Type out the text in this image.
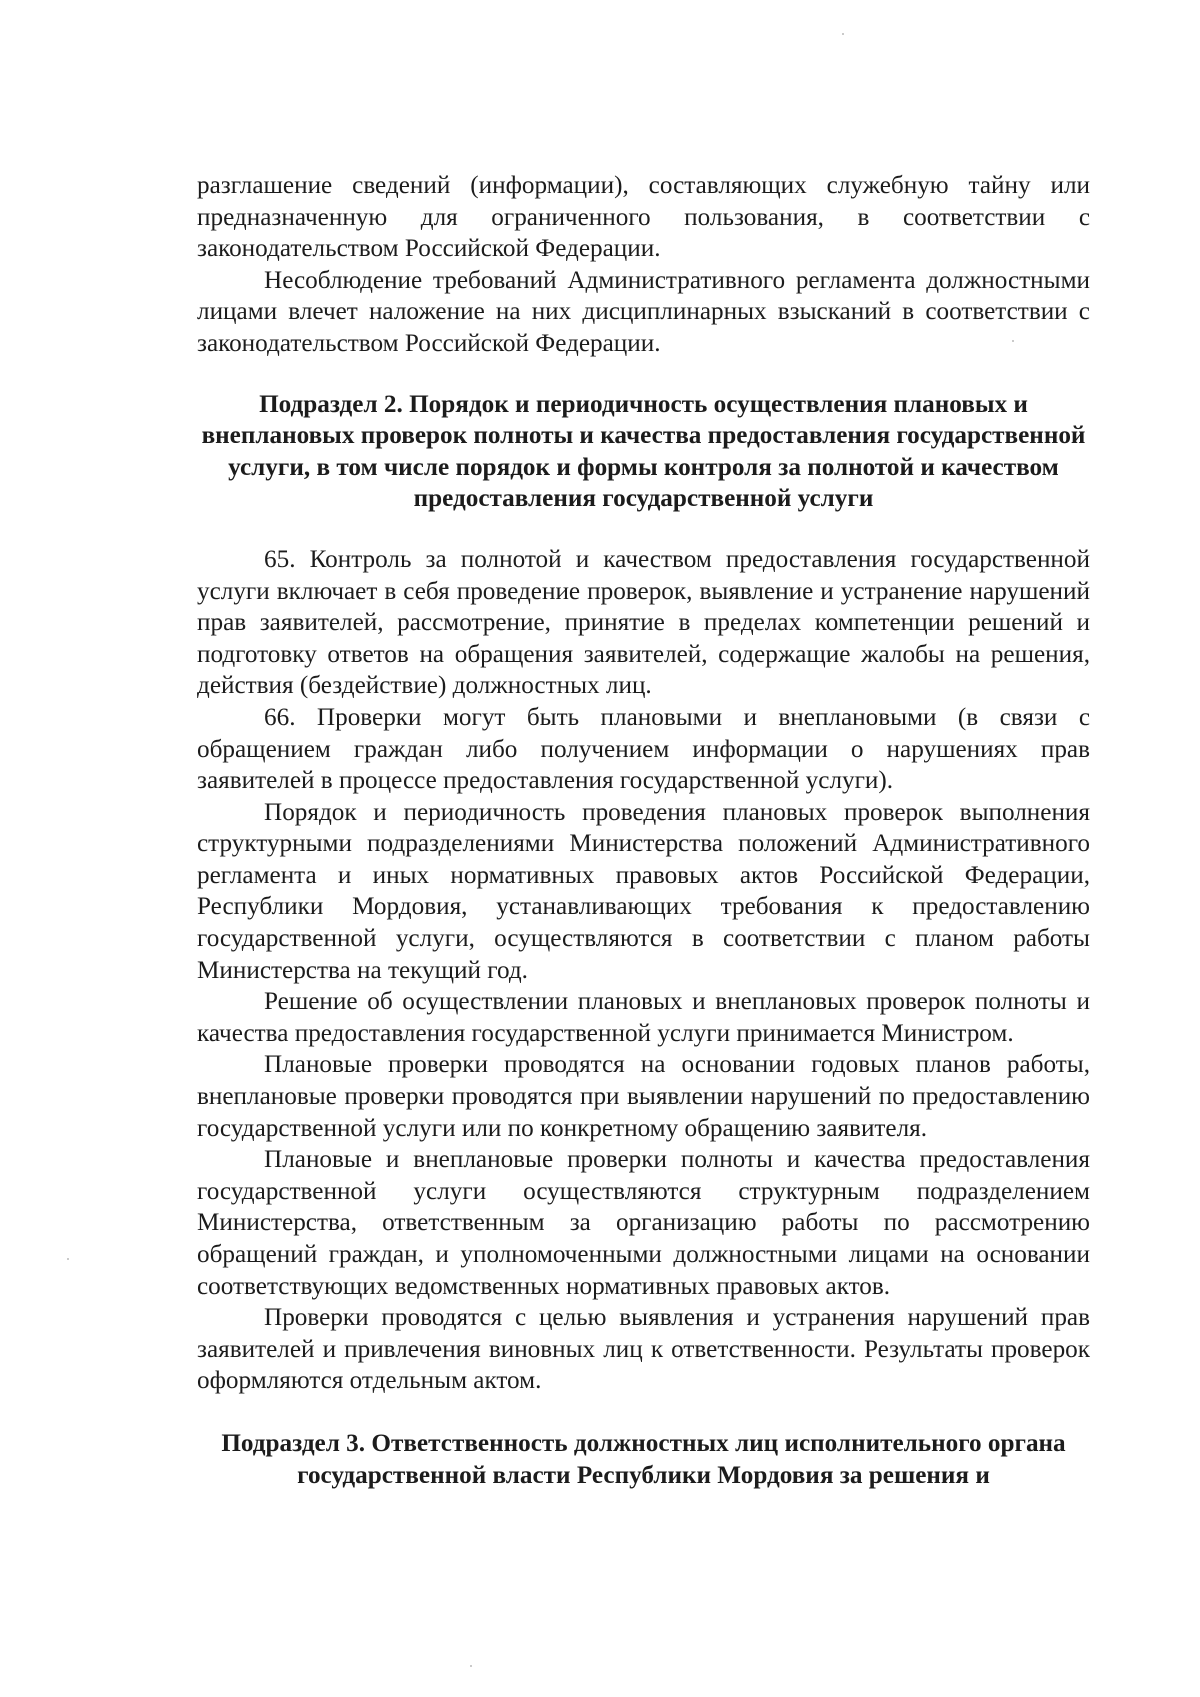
разглашение сведений (информации), составляющих служебную тайну или предназначенную для ограниченного пользования, в соответствии с законодательством Российской Федерации.

Несоблюдение требований Административного регламента должностными лицами влечет наложение на них дисциплинарных взысканий в соответствии с законодательством Российской Федерации.

Подраздел 2. Порядок и периодичность осуществления плановых и внеплановых проверок полноты и качества предоставления государственной услуги, в том числе порядок и формы контроля за полнотой и качеством предоставления государственной услуги

65. Контроль за полнотой и качеством предоставления государственной услуги включает в себя проведение проверок, выявление и устранение нарушений прав заявителей, рассмотрение, принятие в пределах компетенции решений и подготовку ответов на обращения заявителей, содержащие жалобы на решения, действия (бездействие) должностных лиц.

66. Проверки могут быть плановыми и внеплановыми (в связи с обращением граждан либо получением информации о нарушениях прав заявителей в процессе предоставления государственной услуги).

Порядок и периодичность проведения плановых проверок выполнения структурными подразделениями Министерства положений Административного регламента и иных нормативных правовых актов Российской Федерации, Республики Мордовия, устанавливающих требования к предоставлению государственной услуги, осуществляются в соответствии с планом работы Министерства на текущий год.

Решение об осуществлении плановых и внеплановых проверок полноты и качества предоставления государственной услуги принимается Министром.

Плановые проверки проводятся на основании годовых планов работы, внеплановые проверки проводятся при выявлении нарушений по предоставлению государственной услуги или по конкретному обращению заявителя.

Плановые и внеплановые проверки полноты и качества предоставления государственной услуги осуществляются структурным подразделением Министерства, ответственным за организацию работы по рассмотрению обращений граждан, и уполномоченными должностными лицами на основании соответствующих ведомственных нормативных правовых актов.

Проверки проводятся с целью выявления и устранения нарушений прав заявителей и привлечения виновных лиц к ответственности. Результаты проверок оформляются отдельным актом.

Подраздел 3. Ответственность должностных лиц исполнительного органа государственной власти Республики Мордовия за решения и
